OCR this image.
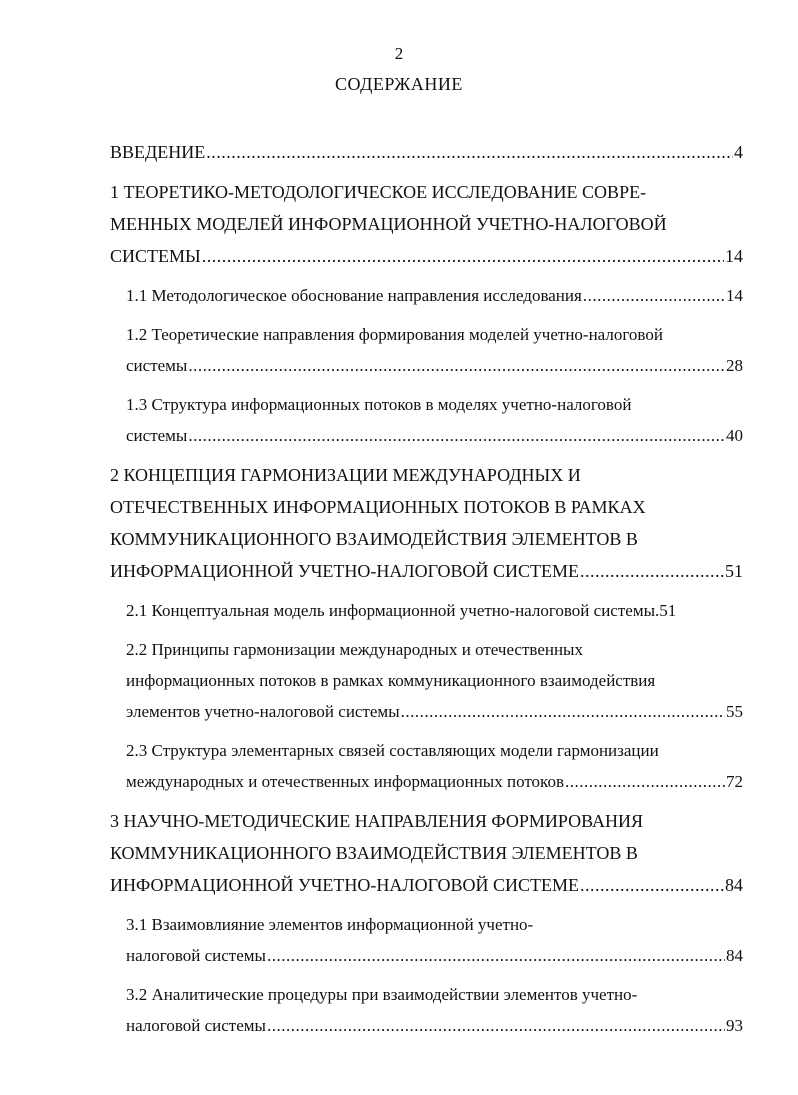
2
СОДЕРЖАНИЕ
ВВЕДЕНИЕ .....	4
1 ТЕОРЕТИКО-МЕТОДОЛОГИЧЕСКОЕ ИССЛЕДОВАНИЕ СОВРЕ-
МЕННЫХ МОДЕЛЕЙ ИНФОРМАЦИОННОЙ УЧЕТНО-НАЛОГОВОЙ
СИСТЕМЫ .....	14
1.1 Методологическое обоснование направления исследования .....	14
1.2 Теоретические направления формирования моделей учетно-налоговой
системы .....	28
1.3 Структура информационных потоков в моделях учетно-налоговой
системы .....	40
2 КОНЦЕПЦИЯ ГАРМОНИЗАЦИИ МЕЖДУНАРОДНЫХ И
ОТЕЧЕСТВЕННЫХ ИНФОРМАЦИОННЫХ ПОТОКОВ В РАМКАХ
КОММУНИКАЦИОННОГО ВЗАИМОДЕЙСТВИЯ ЭЛЕМЕНТОВ В
ИНФОРМАЦИОННОЙ УЧЕТНО-НАЛОГОВОЙ СИСТЕМЕ .....	51
2.1 Концептуальная модель информационной учетно-налоговой системы. 51
2.2 Принципы гармонизации международных и отечественных
информационных потоков в рамках коммуникационного взаимодействия
элементов учетно-налоговой системы .....	55
2.3 Структура элементарных связей составляющих модели гармонизации
международных и отечественных информационных потоков .....	72
3 НАУЧНО-МЕТОДИЧЕСКИЕ НАПРАВЛЕНИЯ ФОРМИРОВАНИЯ
КОММУНИКАЦИОННОГО ВЗАИМОДЕЙСТВИЯ ЭЛЕМЕНТОВ В
ИНФОРМАЦИОННОЙ УЧЕТНО-НАЛОГОВОЙ СИСТЕМЕ .....	84
3.1 Взаимовлияние элементов информационной учетно-
налоговой системы .....	84
3.2 Аналитические процедуры при взаимодействии элементов учетно-
налоговой системы .....	93
